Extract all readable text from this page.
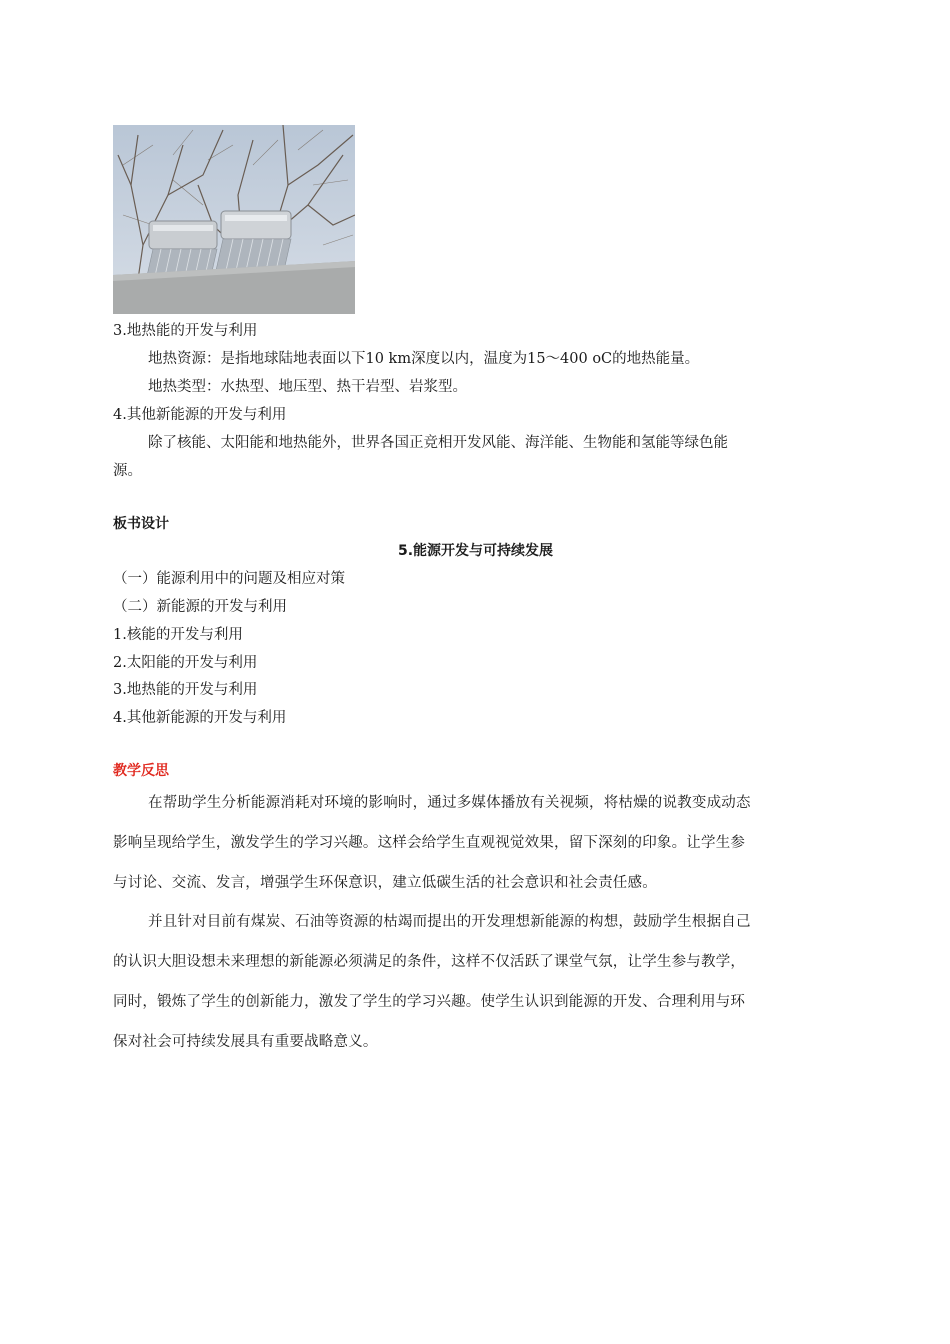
3.地热能的开发与利用
地热资源：是指地球陆地表面以下10 km深度以内，温度为15～400 oC的地热能量。
地热类型：水热型、地压型、热干岩型、岩浆型。
4.其他新能源的开发与利用
除了核能、太阳能和地热能外，世界各国正竞相开发风能、海洋能、生物能和氢能等绿色能
源。
板书设计
5.能源开发与可持续发展
（一）能源利用中的问题及相应对策
（二）新能源的开发与利用
1.核能的开发与利用
2.太阳能的开发与利用
3.地热能的开发与利用
4.其他新能源的开发与利用
教学反思
在帮助学生分析能源消耗对环境的影响时，通过多媒体播放有关视频，将枯燥的说教变成动态
影响呈现给学生，激发学生的学习兴趣。这样会给学生直观视觉效果，留下深刻的印象。让学生参
与讨论、交流、发言，增强学生环保意识，建立低碳生活的社会意识和社会责任感。
并且针对目前有煤炭、石油等资源的枯竭而提出的开发理想新能源的构想，鼓励学生根据自己
的认识大胆设想未来理想的新能源必须满足的条件，这样不仅活跃了课堂气氛，让学生参与教学，
同时，锻炼了学生的创新能力，激发了学生的学习兴趣。使学生认识到能源的开发、合理利用与环
保对社会可持续发展具有重要战略意义。
